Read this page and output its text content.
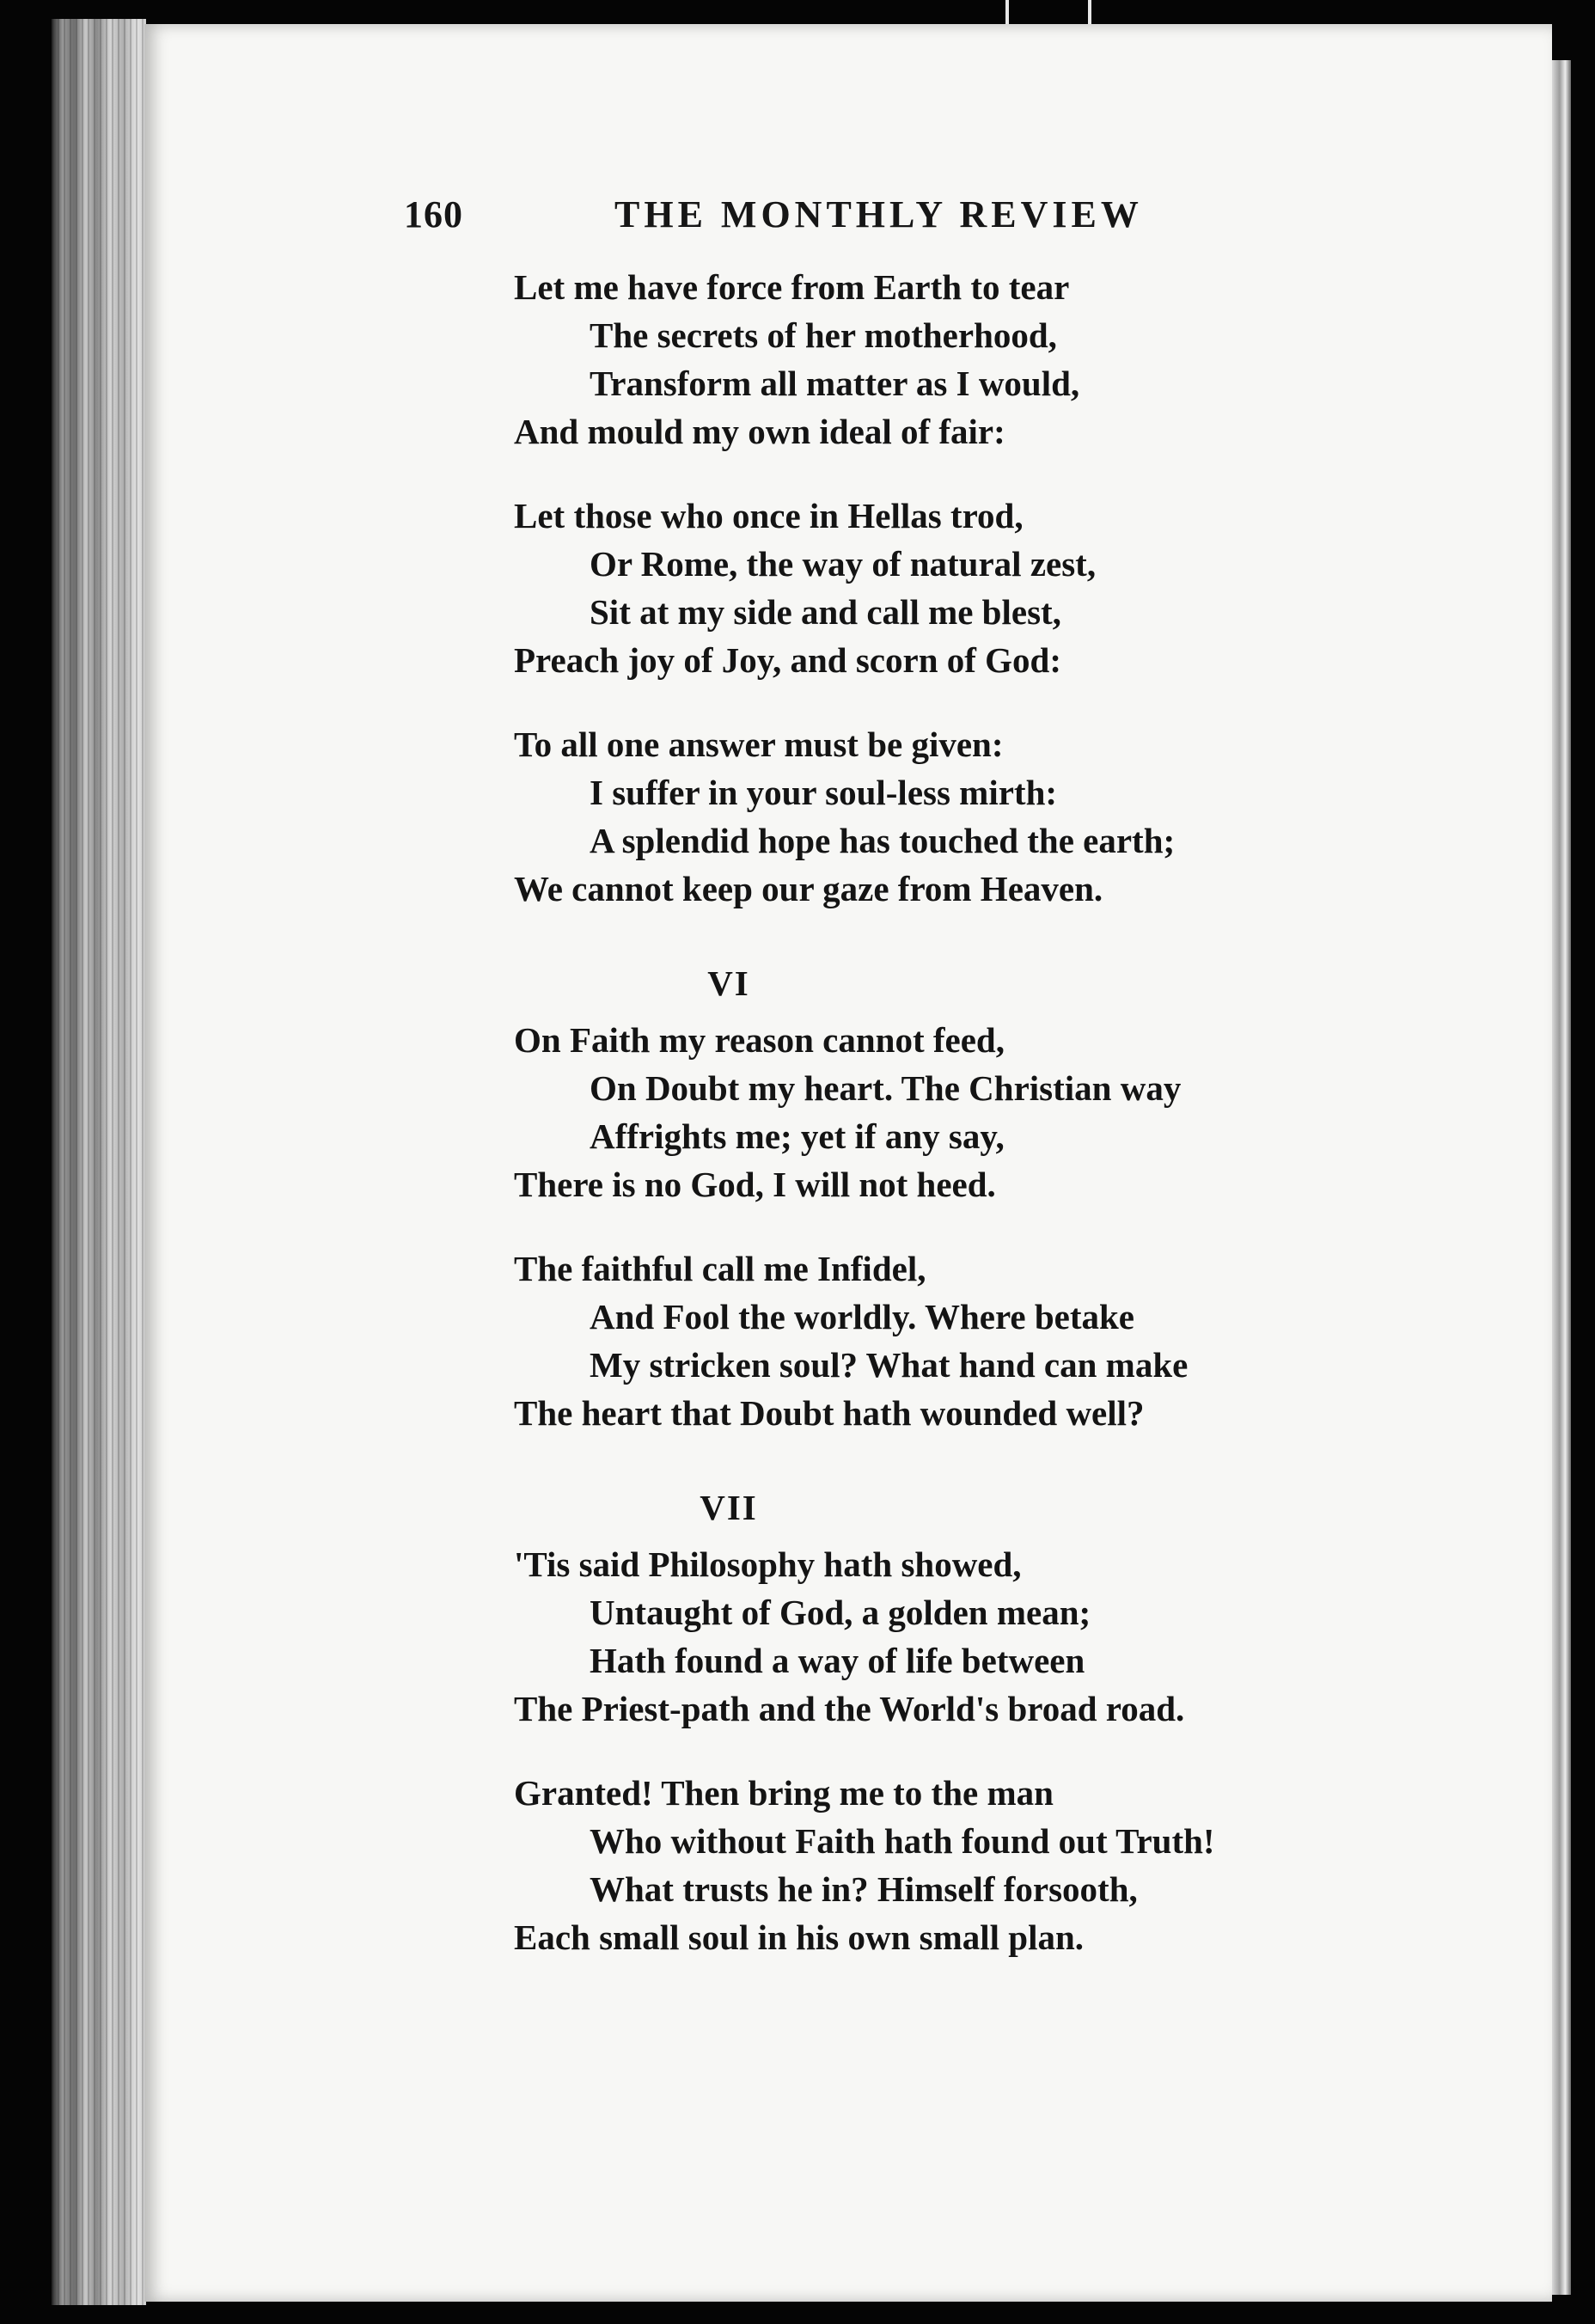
160	THE MONTHLY REVIEW
Let me have force from Earth to tear
The secrets of her motherhood,
Transform all matter as I would,
And mould my own ideal of fair:
Let those who once in Hellas trod,
Or Rome, the way of natural zest,
Sit at my side and call me blest,
Preach joy of Joy, and scorn of God:
To all one answer must be given:
I suffer in your soul-less mirth:
A splendid hope has touched the earth;
We cannot keep our gaze from Heaven.
VI
On Faith my reason cannot feed,
On Doubt my heart. The Christian way
Affrights me; yet if any say,
There is no God, I will not heed.
The faithful call me Infidel,
And Fool the worldly. Where betake
My stricken soul? What hand can make
The heart that Doubt hath wounded well?
VII
'Tis said Philosophy hath showed,
Untaught of God, a golden mean;
Hath found a way of life between
The Priest-path and the World's broad road.
Granted! Then bring me to the man
Who without Faith hath found out Truth!
What trusts he in? Himself forsooth,
Each small soul in his own small plan.
